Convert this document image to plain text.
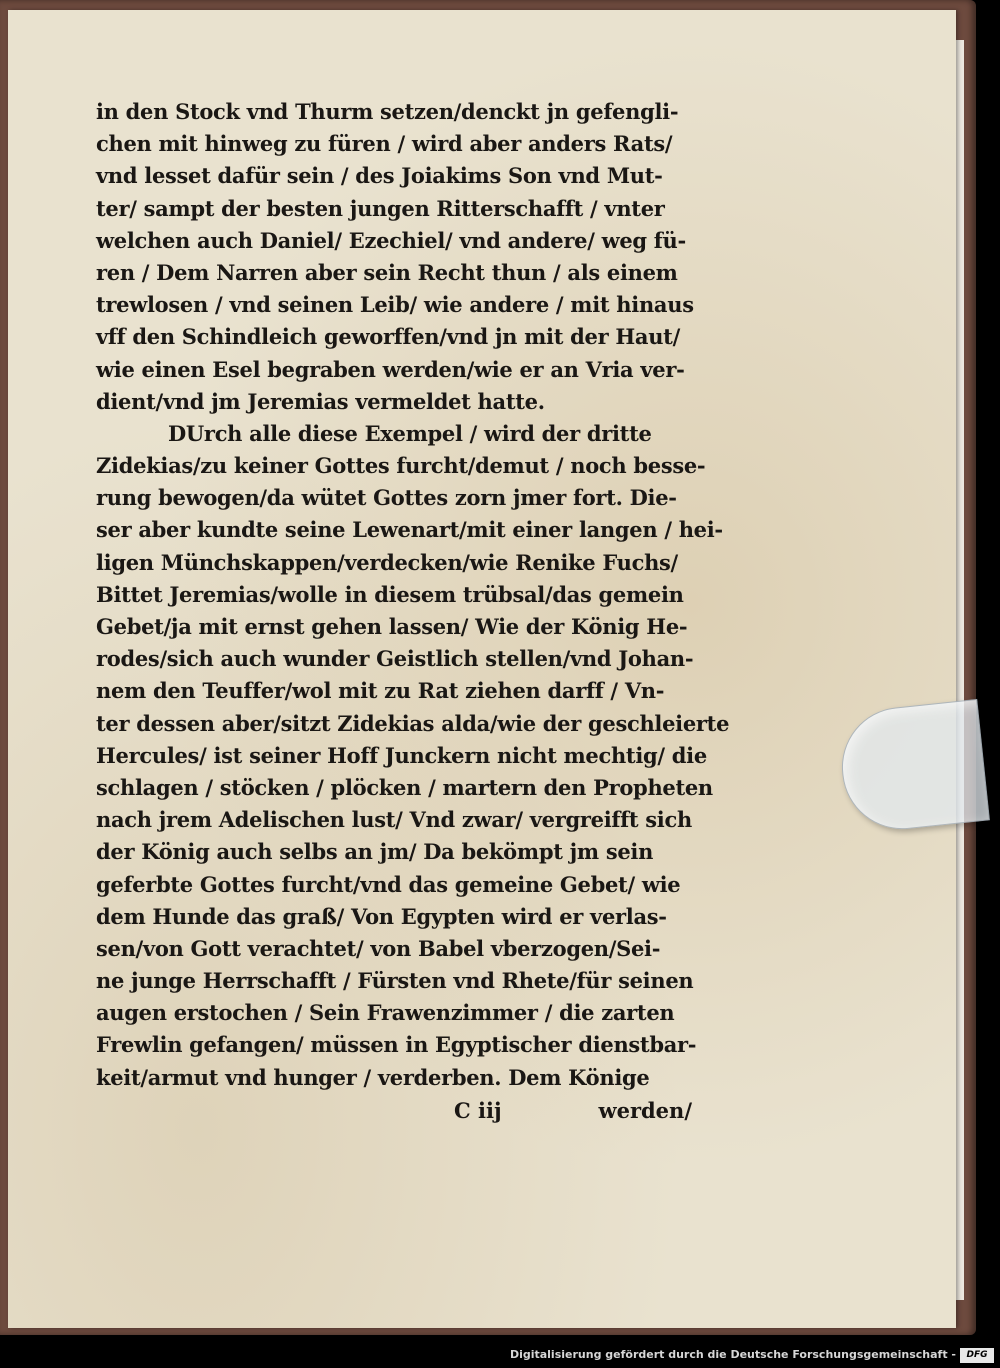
in den Stock vnd Thurm setzen/denckt jn gefengli-
chen mit hinweg zu füren / wird aber anders Rats/
vnd lesset dafür sein / des Joiakims Son vnd Mut-
ter/ sampt der besten jungen Ritterschafft / vnter
welchen auch Daniel/ Ezechiel/ vnd andere/ weg fü-
ren / Dem Narren aber sein Recht thun / als einem
trewlosen / vnd seinen Leib/ wie andere / mit hinaus
vff den Schindleich geworffen/vnd jn mit der Haut/
wie einen Esel begraben werden/wie er an Vria ver-
dient/vnd jm Jeremias vermeldet hatte.
DUrch alle diese Exempel / wird der dritte
Zidekias/zu keiner Gottes furcht/demut / noch besse-
rung bewogen/da wütet Gottes zorn jmer fort. Die-
ser aber kundte seine Lewenart/mit einer langen / hei-
ligen Münchskappen/verdecken/wie Renike Fuchs/
Bittet Jeremias/wolle in diesem trübsal/das gemein
Gebet/ja mit ernst gehen lassen/ Wie der König He-
rodes/sich auch wunder Geistlich stellen/vnd Johan-
nem den Teuffer/wol mit zu Rat ziehen darff / Vn-
ter dessen aber/sitzt Zidekias alda/wie der geschleierte
Hercules/ ist seiner Hoff Junckern nicht mechtig/ die
schlagen / stöcken / plöcken / martern den Propheten
nach jrem Adelischen lust/ Vnd zwar/ vergreifft sich
der König auch selbs an jm/ Da bekömpt jm sein
geferbte Gottes furcht/vnd das gemeine Gebet/ wie
dem Hunde das graß/ Von Egypten wird er verlas-
sen/von Gott verachtet/ von Babel vberzogen/Sei-
ne junge Herrschafft / Fürsten vnd Rhete/für seinen
augen erstochen / Sein Frawenzimmer / die zarten
Frewlin gefangen/ müssen in Egyptischer dienstbar-
keit/armut vnd hunger / verderben. Dem Könige
C iij	werden/
Digitalisierung gefördert durch die Deutsche Forschungsgemeinschaft -	DFG
